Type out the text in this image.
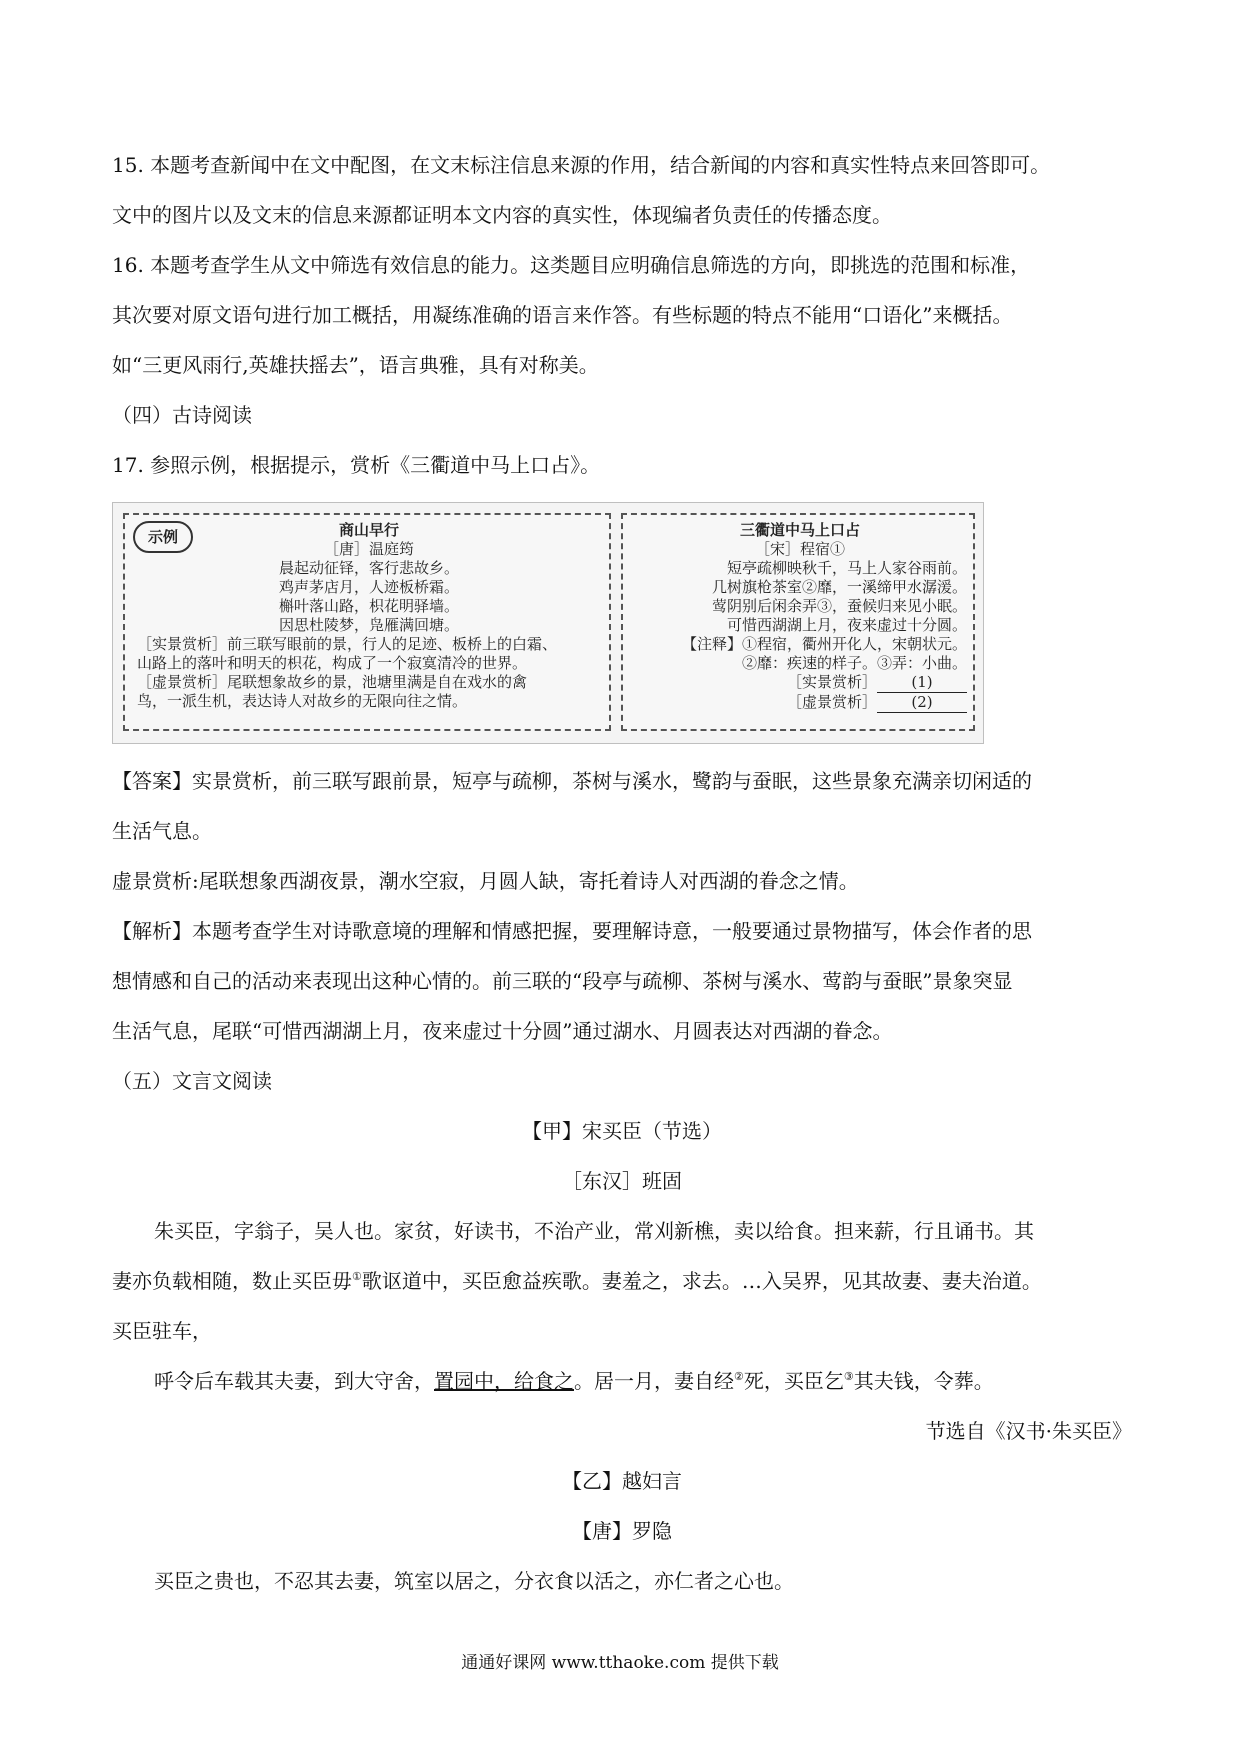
15. 本题考查新闻中在文中配图，在文末标注信息来源的作用，结合新闻的内容和真实性特点来回答即可。

文中的图片以及文末的信息来源都证明本文内容的真实性，体现编者负责任的传播态度。

16. 本题考查学生从文中筛选有效信息的能力。这类题目应明确信息筛选的方向，即挑选的范围和标准，

其次要对原文语句进行加工概括，用凝练准确的语言来作答。有些标题的特点不能用“口语化”来概括。

如“三更风雨行,英雄扶摇去”，语言典雅，具有对称美。

（四）古诗阅读

17. 参照示例，根据提示，赏析《三衢道中马上口占》。

示例	商山早行

［唐］温庭筠

晨起动征铎，客行悲故乡。

鸡声茅店月，人迹板桥霜。

槲叶落山路，枳花明驿墙。

因思杜陵梦，凫雁满回塘。

［实景赏析］前三联写眼前的景，行人的足迹、板桥上的白霜、

山路上的落叶和明天的枳花，构成了一个寂寞清冷的世界。

［虚景赏析］尾联想象故乡的景，池塘里满是自在戏水的禽

鸟，一派生机，表达诗人对故乡的无限向往之情。

三衢道中马上口占

［宋］程宿①

短亭疏柳映秋千，马上人家谷雨前。

几树旗枪茶室②靡，一溪缔甲水潺湲。

莺阴别后闲余弄③，蚕候归来见小眠。

可惜西湖湖上月，夜来虚过十分圆。

【注释】①程宿，衢州开化人，宋朝状元。

②靡：疾速的样子。③弄：小曲。

［实景赏析］ (1)

［虚景赏析］ (2)

【答案】实景赏析，前三联写跟前景，短亭与疏柳，茶树与溪水，鹭韵与蚕眠，这些景象充满亲切闲适的

生活气息。

虚景赏析:尾联想象西湖夜景，潮水空寂，月圆人缺，寄托着诗人对西湖的眷念之情。

【解析】本题考查学生对诗歌意境的理解和情感把握，要理解诗意，一般要通过景物描写，体会作者的思

想情感和自己的活动来表现出这种心情的。前三联的“段亭与疏柳、茶树与溪水、莺韵与蚕眠”景象突显

生活气息，尾联“可惜西湖湖上月，夜来虚过十分圆”通过湖水、月圆表达对西湖的眷念。

（五）文言文阅读

【甲】宋买臣（节选）

［东汉］班固

朱买臣，字翁子，吴人也。家贫，好读书，不治产业，常刈新樵，卖以给食。担来薪，行且诵书。其

妻亦负载相随，数止买臣毋①歌讴道中，买臣愈益疾歌。妻羞之，求去。…入吴界，见其故妻、妻夫治道。

买臣驻车，

呼令后车载其夫妻，到大守舍，置园中，给食之。居一月，妻自经②死，买臣乞③其夫钱，令葬。

节选自《汉书·朱买臣》

【乙】越妇言

【唐】罗隐

买臣之贵也，不忍其去妻，筑室以居之，分衣食以活之，亦仁者之心也。

通通好课网 www.tthaoke.com 提供下载
